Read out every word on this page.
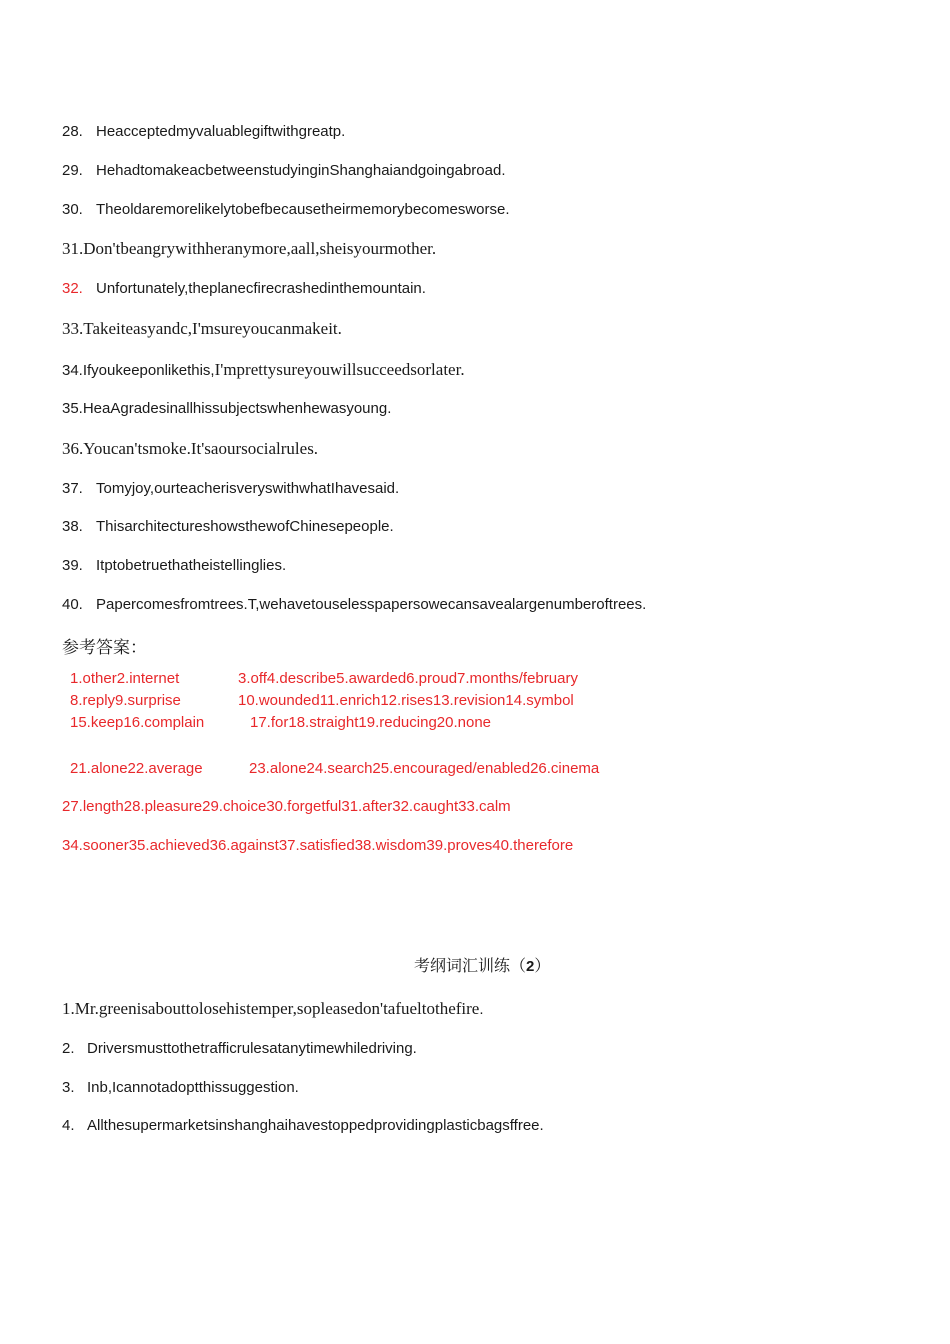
28. Heacceptedmyvaluablegiftwithgreatp.
29. HehadtomakeacbetweenstudyinginShanghaiandgoingabroad.
30. Theoldaremorelikelytobefbecausetheirmemorybecomesworse.
31.Don'tbeangrywithheranymore,aall,sheisyourmother.
32. Unfortunately,theplanecfirecrashedinthemountain.
33.Takeiteasyandc,I'msureyoucanmakeit.
34.Ifyoukeeponlikethis,I'mprettysureyouwillsucceedsorlater.
35.HeaAgradesinallhissubjectswhenhewasyoung.
36.Youcan'tsmoke.It'saoursocialrules.
37. Tomyjoy,ourteacherisveryswithwhatIhavesaid.
38. ThisarchitectureshowsthewofChinesepeople.
39. Itptobetruethatheistellinglies.
40. Papercomesfromtrees.T,wehavetouselesspapersowecansavealargenumberoftrees.
参考答案：
1.other2.internet	3.off4.describe5.awarded6.proud7.months/february
8.reply9.surprise	10.wounded11.enrich12.rises13.revision14.symbol
15.keep16.complain	17.for18.straight19.reducing20.none
21.alone22.average	23.alone24.search25.encouraged/enabled26.cinema
27.length28.pleasure29.choice30.forgetful31.after32.caught33.calm
34.sooner35.achieved36.against37.satisfied38.wisdom39.proves40.therefore
考纲词汇训练（2）
1.Mr.greenisabouttolosehistemper,sopleasedon'tafueltothefire.
2. Driversmusttothetrafficrulesatanytimewhiledriving.
3. Inb,Icannotadoptthissuggestion.
4. Allthesupermarketsinshanghaihavestoppedprovidingplasticbagsffree.
